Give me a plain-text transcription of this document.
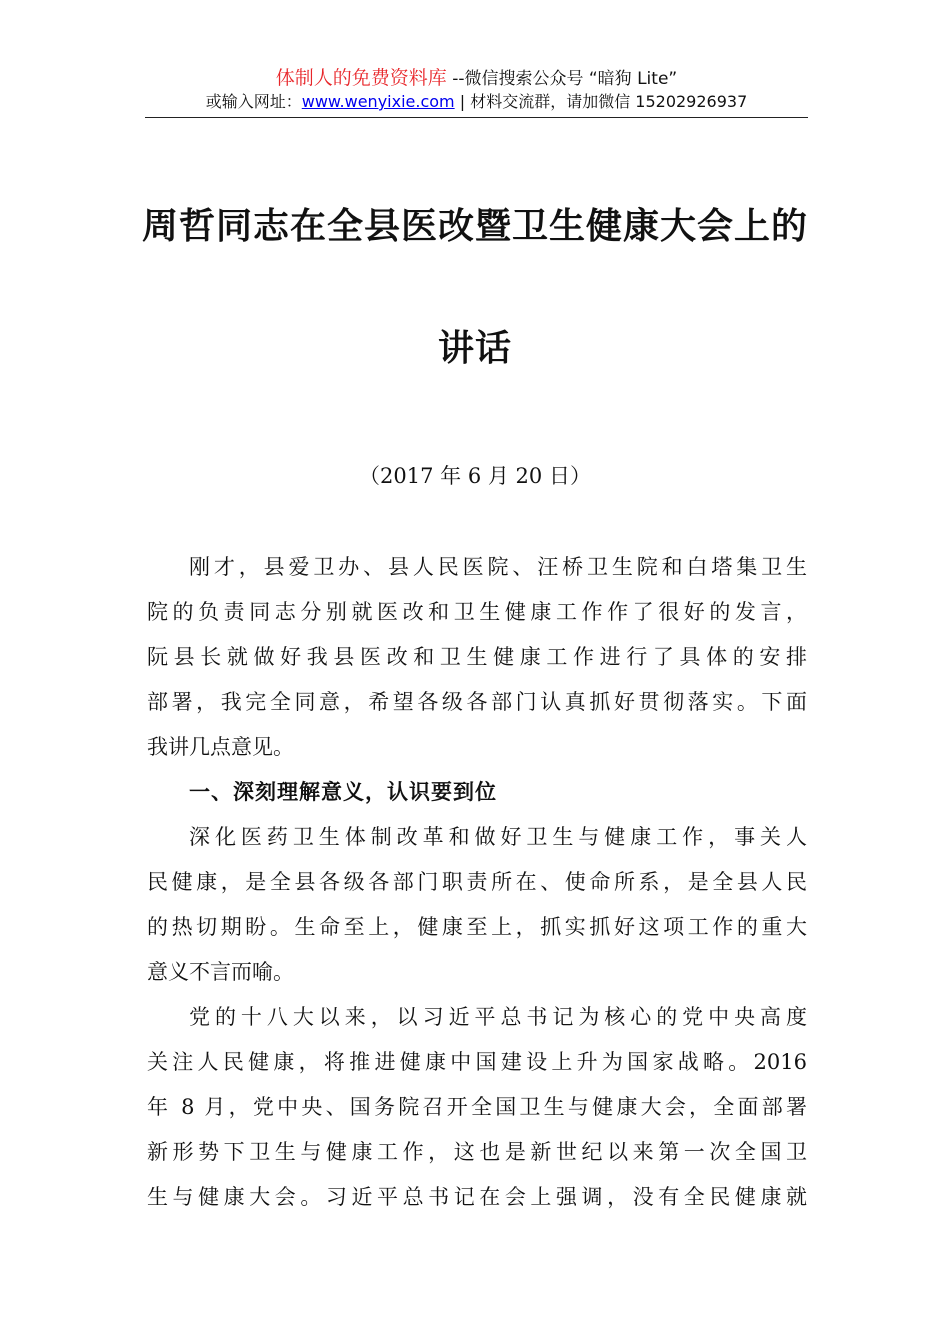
体制人的免费资料库 --微信搜索公众号 “暗狗 Lite”
或输入网址：www.wenyixie.com | 材料交流群，请加微信 15202926937
周哲同志在全县医改暨卫生健康大会上的
讲话
（2017 年 6 月 20 日）
刚才，县爱卫办、县人民医院、汪桥卫生院和白塔集卫生
院的负责同志分别就医改和卫生健康工作作了很好的发言，
阮县长就做好我县医改和卫生健康工作进行了具体的安排
部署，我完全同意，希望各级各部门认真抓好贯彻落实。下面
我讲几点意见。
一、深刻理解意义，认识要到位
深化医药卫生体制改革和做好卫生与健康工作，事关人
民健康，是全县各级各部门职责所在、使命所系，是全县人民
的热切期盼。生命至上，健康至上，抓实抓好这项工作的重大
意义不言而喻。
党的十八大以来，以习近平总书记为核心的党中央高度
关注人民健康，将推进健康中国建设上升为国家战略。2016
年 8 月，党中央、国务院召开全国卫生与健康大会，全面部署
新形势下卫生与健康工作，这也是新世纪以来第一次全国卫
生与健康大会。习近平总书记在会上强调，没有全民健康就
